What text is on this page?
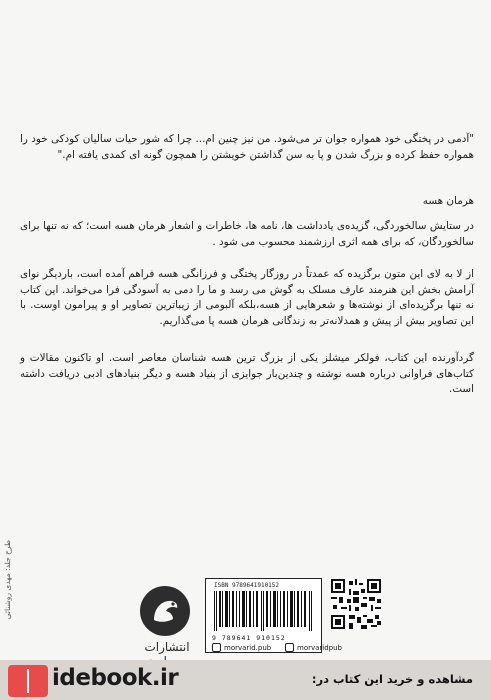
"آدمی در پختگی خود همواره جوان تر می‌شود. من نیز چنین ام... چرا که شور حیات سالیان کودکی خود را همواره حفظ کرده و بزرگ شدن و پا به سن گذاشتن خویشتن را همچون گونه ای کمدی یافته ام."

هرمان هسه

در ستایش سالخوردگی، گزیده‌ی یادداشت ها، نامه ها، خاطرات و اشعار هرمان هسه است؛ که نه تنها برای سالخوردگان، که برای همه اثری ارزشمند محسوب می شود .

از لا به لای این متون برگزیده که عمدتاً در روزگار پختگی و فرزانگی هسه فراهم آمده است، باردیگر نوای آرامش بخش این هنرمند عارف مسلک به گوش می رسد و ما را دمی به آسودگی فرا می‌خواند. این کتاب نه تنها برگزیده‌ای از نوشته‌ها و شعرهایی از هسه،بلکه آلبومی از زیباترین تصاویر او و پیرامون اوست. با این تصاویر بیش از پیش و همدلانه‌تر به زندگانی هرمان هسه پا می‌گذاریم.

گردآورنده این کتاب، فولکر میشلز یکی از بزرگ ترین هسه شناسان معاصر است. او تاکنون مقالات و کتاب‌های فراوانی درباره هسه نوشته و چندین‌بار جوایزی از بنیاد هسه و دیگر بنیادهای ادبی دریافت داشته است.

طرح جلد: مهدی روشنائی
انتشارات
ISBN 9789641910152
9 789641 910152
morvarid.pub	morvaridpub
idebook.ir	مشاهده و خرید این کتاب در:
